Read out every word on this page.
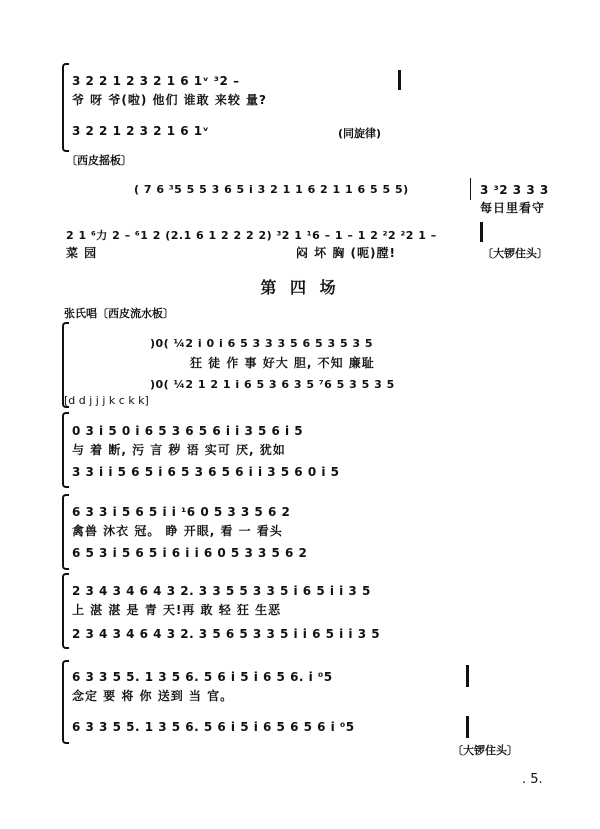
3 2 2 1 2 3 2 1 6 1ᵛ ³2 –
爷 呀 爷(啦) 他们 谁敢 来较 量?
3 2 2 1 2 3 2 1 6 1ᵛ	(同旋律)
〔西皮摇板〕
( 7 6 ³5 5 5 3 6 5 i 3 2 1 1 6 2 1 1 6 5 5 5)	3 ³2 3 3 3
每日里看守
2 1 ⁶力 2 – ⁶1 2 (2.1 6 1 2 2 2 2) ³2 1 ¹6 – 1 – 1 2 ²2 ²2 1 –
菜 园	闷 坏 胸 (呃)膛!	〔大锣住头〕
第 四 场
张氏唱〔西皮流水板〕
)0( ¼2 i 0 i 6 5 3 3 3 5 6 5 3 5 3 5
狂 徒 作 事 好大 胆, 不知 廉耻
)0( ¼2 1 2 1 i 6 5 3 6 3 5 ⁷6 5 3 5 3 5
[d d j j j k c k k]
0 3 i 5 0 i 6 5 3 6 5 6 i i 3 5 6 i 5
与 着 断, 污 言 秽 语 实可 厌, 犹如
3 3 i i 5 6 5 i 6 5 3 6 5 6 i i 3 5 6 0 i 5
6 3 3 i 5 6 5 i i ¹6 0 5 3 3 5 6 2
禽兽 沐衣 冠。 睁 开眼, 看 一 看头
6 5 3 i 5 6 5 i 6 i i 6 0 5 3 3 5 6 2
2 3 4 3 4 6 4 3 2. 3 3 5 5 3 3 5 i 6 5 i i 3 5
上 湛 湛 是 青 天!再 敢 轻 狂 生恶
2 3 4 3 4 6 4 3 2. 3 5 6 5 3 3 5 i i 6 5 i i 3 5
6 3 3 5 5. 1 3 5 6. 5 6 i 5 i 6 5 6. i ⁰5
念定 要 将 你 送到 当 官。
6 3 3 5 5. 1 3 5 6. 5 6 i 5 i 6 5 6 5 6 i ⁰5
〔大锣住头〕
. 5.
